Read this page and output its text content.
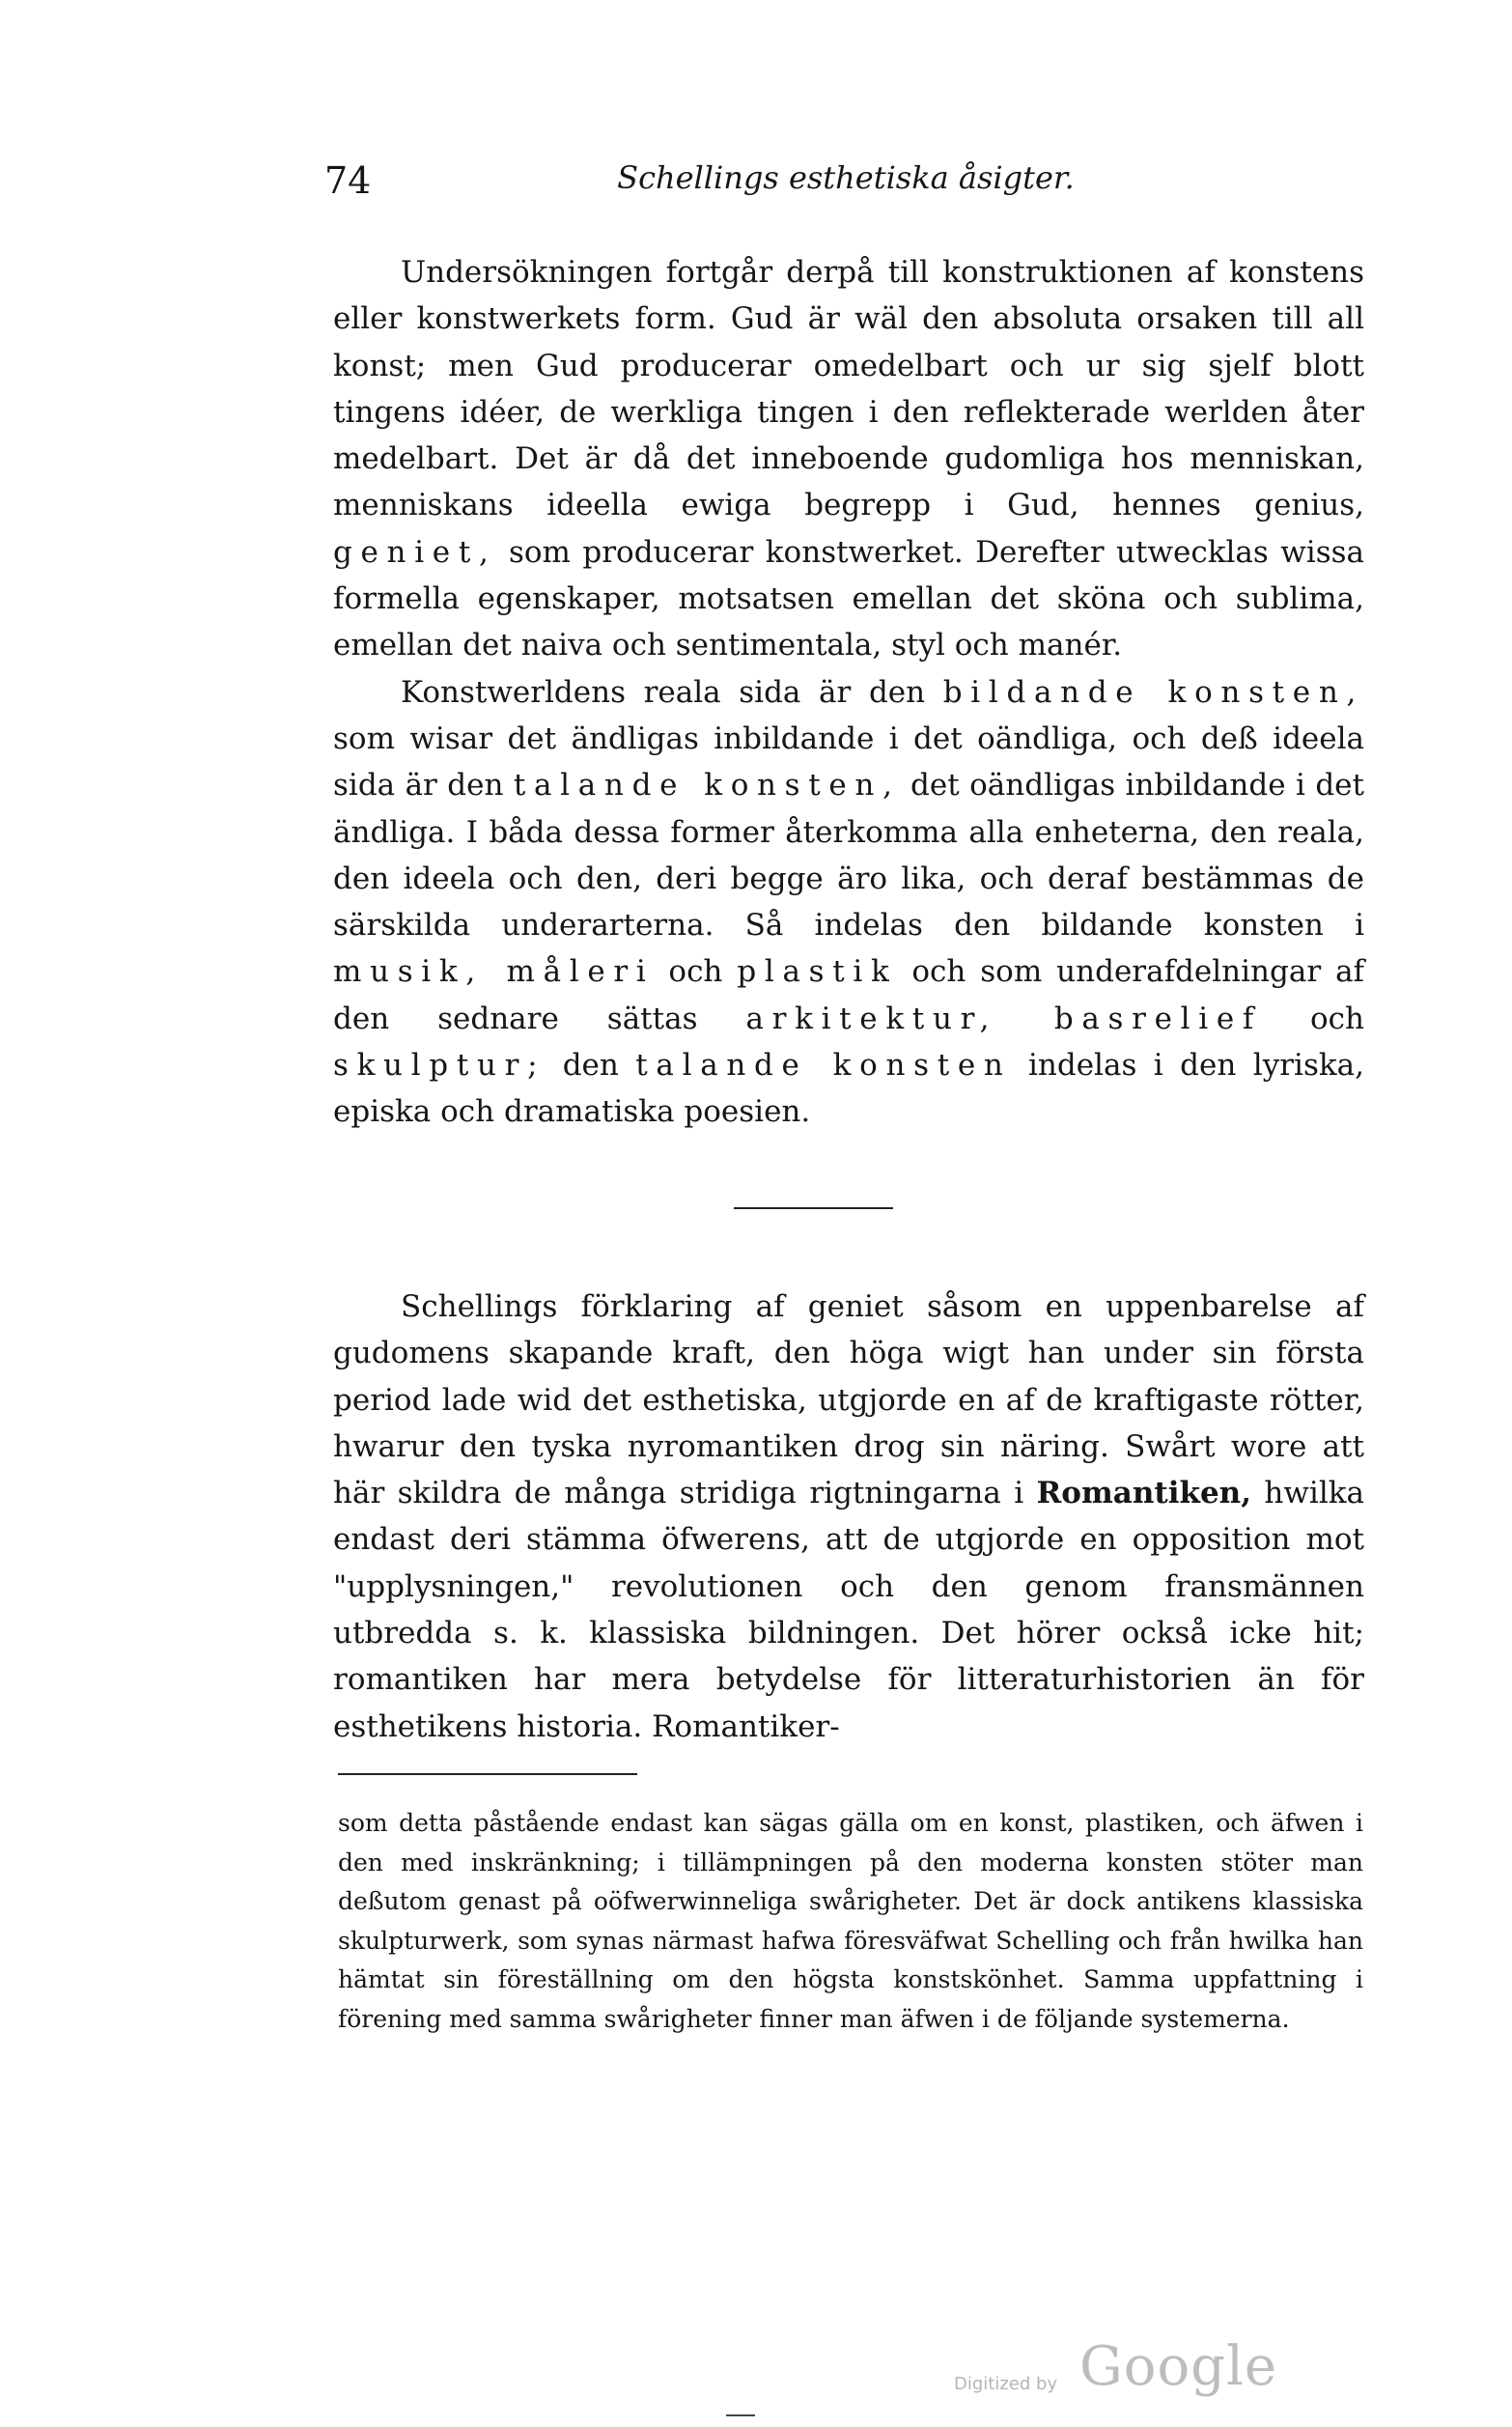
74	Schellings esthetiska åsigter.

Undersökningen fortgår derpå till konstruktionen af konstens eller konstwerkets form. Gud är wäl den absoluta orsaken till all konst; men Gud producerar omedelbart och ur sig sjelf blott tingens idéer, de werkliga tingen i den reflekterade werlden åter medelbart. Det är då det inneboende gudomliga hos menniskan, menniskans ideella ewiga begrepp i Gud, hennes genius, geniet, som producerar konstwerket. Derefter utweckla​s wissa formella egenskaper, motsatsen emellan det sköna och sublima, emellan det naiva och sentimentala, styl och manér.

Konstwerldens reala sida är den bildande konsten, som wisar det ändligas inbildande i det oändliga, och deß ideela sida är den talande konsten, det oändligas inbildande i det ändliga. I båda dessa former återkomma alla enheterna, den reala, den ideela och den, deri begge äro lika, och deraf bestämmas de särskilda underarterna. Så indelas den bildande konsten i musik, måleri och plastik och som underafdelningar af den sednare sättas arkitektur, basrelief och skulptur; den talande konsten indelas i den lyriska, episka och dramatiska poesien.

Schellings förklaring af geniet såsom en uppenbarelse af gudomens skapande kraft, den höga wigt han under sin första period lade wid det esthetiska, utgjorde en af de kraftigaste rötter, hwarur den tyska nyromantiken drog sin näring. Swårt wore att här skildra de många stridiga rigtningarna i Romantiken, hwilka endast deri stämma öfwerens, att de utgjorde en opposition mot "upplysningen," revolutionen och den genom fransmännen utbredda s. k. klassiska bildningen. Det hörer också icke hit; romantiken har mera betydelse för litteraturhistorien än för esthetikens historia. Romantiker-

som detta påstående endast kan sägas gälla om en konst, plastiken, och äfwen i den med inskränkning; i tillämpningen på den moderna konsten stöter man deßutom genast på oöfwerwinneliga swårigheter. Det är dock antikens klassiska skulpturwerk, som synas närmast hafwa föresväfwat Schelling och från hwilka han hämtat sin föreställning om den högsta konstskönhet. Samma uppfattning i förening med samma swårigheter finner man äfwen i de följande systemerna.

Digitized by Google
